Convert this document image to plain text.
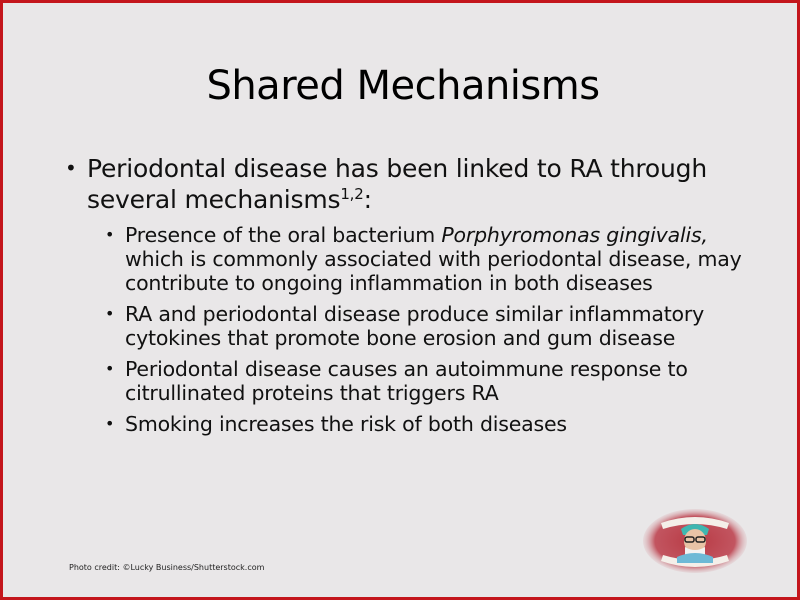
Shared Mechanisms
• Periodontal disease has been linked to RA through several mechanisms$^{1,2}$:
• Presence of the oral bacterium Porphyromonas gingivalis, which is commonly associated with periodontal disease, may contribute to ongoing inflammation in both diseases
• RA and periodontal disease produce similar inflammatory cytokines that promote bone erosion and gum disease
• Periodontal disease causes an autoimmune response to citrullinated proteins that triggers RA
• Smoking increases the risk of both diseases
Photo credit: ©Lucky Business/Shutterstock.com
